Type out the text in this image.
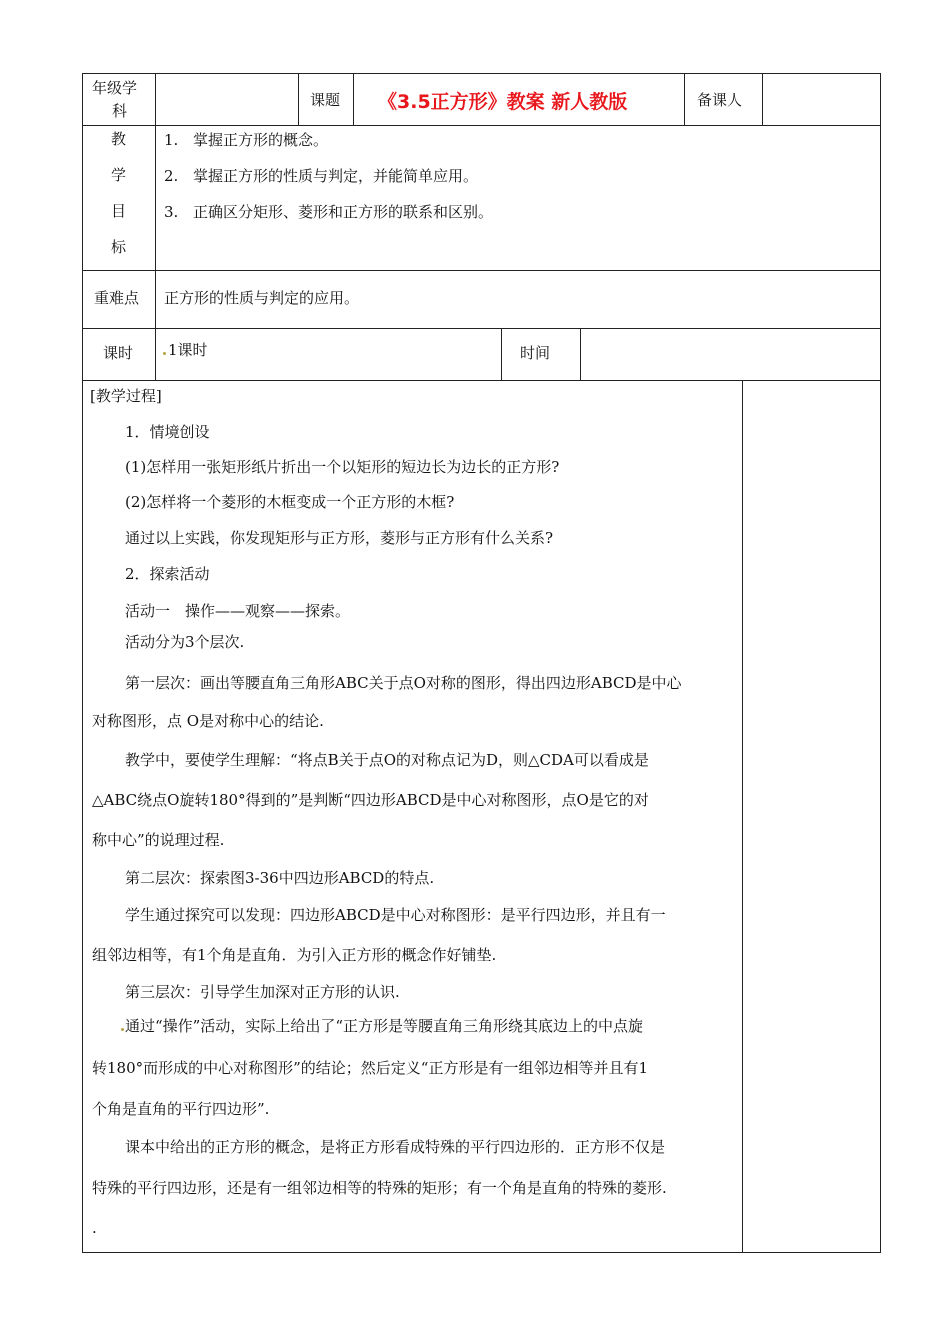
年级学
科
课题 《3.5正方形》教案 新人教版	备课人
教
学
目
标
1. 掌握正方形的概念。
2. 掌握正方形的性质与判定，并能简单应用。
3. 正确区分矩形、菱形和正方形的联系和区别。
重难点 正方形的性质与判定的应用。
课时 1课时	时间
[教学过程]
1．情境创设
(1)怎样用一张矩形纸片折出一个以矩形的短边长为边长的正方形?
(2)怎样将一个菱形的木框变成一个正方形的木框?
通过以上实践，你发现矩形与正方形，菱形与正方形有什么关系?
2．探索活动
活动一　操作——观察——探索。
活动分为3个层次.
第一层次：画出等腰直角三角形ABC关于点O对称的图形，得出四边形ABCD是中心
对称图形，点 O是对称中心的结论.
教学中，要使学生理解：“将点B关于点O的对称点记为D，则△CDA可以看成是
△ABC绕点O旋转180°得到的”是判断“四边形ABCD是中心对称图形，点O是它的对
称中心”的说理过程.
第二层次：探索图3-36中四边形ABCD的特点.
学生通过探究可以发现：四边形ABCD是中心对称图形：是平行四边形，并且有一
组邻边相等，有1个角是直角．为引入正方形的概念作好铺垫.
第三层次：引导学生加深对正方形的认识.
通过“操作”活动，实际上给出了“正方形是等腰直角三角形绕其底边上的中点旋
转180°而形成的中心对称图形”的结论；然后定义“正方形是有一组邻边相等并且有1
个角是直角的平行四边形”.
课本中给出的正方形的概念，是将正方形看成特殊的平行四边形的．正方形不仅是
特殊的平行四边形，还是有一组邻边相等的特殊的矩形；有一个角是直角的特殊的菱形.
.
